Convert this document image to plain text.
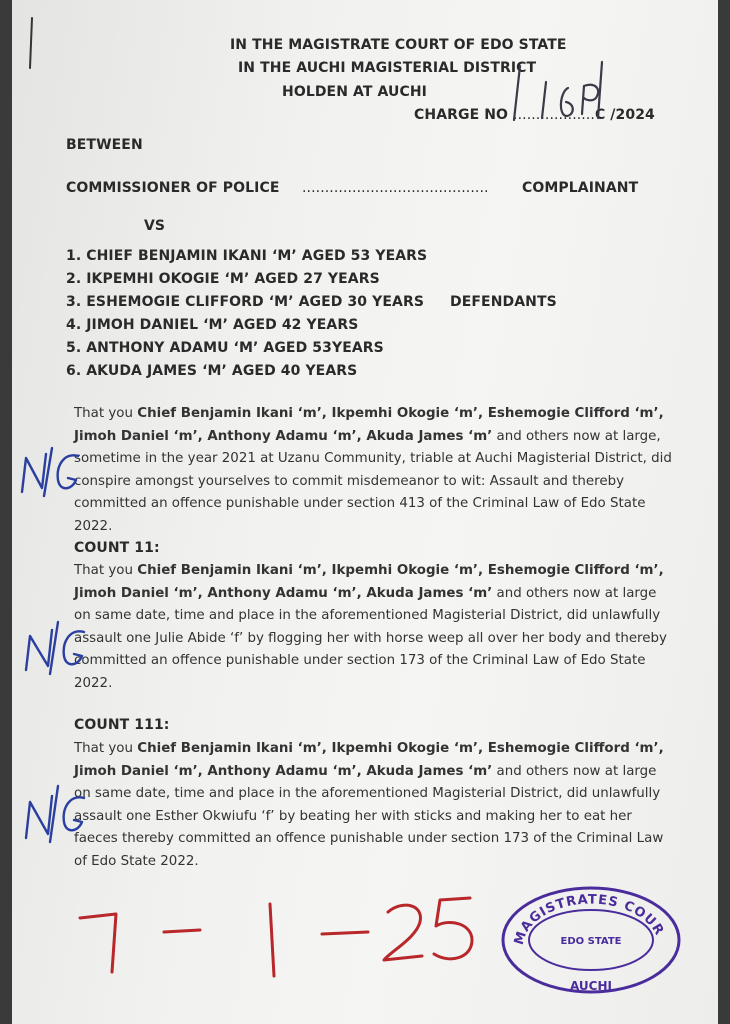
IN THE MAGISTRATE COURT OF EDO STATE
IN THE AUCHI MAGISTERIAL DISTRICT
HOLDEN AT AUCHI
CHARGE NO ..................C /2024
BETWEEN
COMMISSIONER OF POLICE ......................................... COMPLAINANT
VS
1. CHIEF BENJAMIN IKANI ‘M’ AGED 53 YEARS
2. IKPEMHI OKOGIE ‘M’ AGED 27 YEARS
3. ESHEMOGIE CLIFFORD ‘M’ AGED 30 YEARS DEFENDANTS
4. JIMOH DANIEL ‘M’ AGED 42 YEARS
5. ANTHONY ADAMU ‘M’ AGED 53YEARS
6. AKUDA JAMES ‘M’ AGED 40 YEARS

That you Chief Benjamin Ikani ‘m’, Ikpemhi Okogie ‘m’, Eshemogie Clifford ‘m’, Jimoh Daniel ‘m’, Anthony Adamu ‘m’, Akuda James ‘m’ and others now at large, sometime in the year 2021 at Uzanu Community, triable at Auchi Magisterial District, did conspire amongst yourselves to commit misdemeanor to wit: Assault and thereby committed an offence punishable under section 413 of the Criminal Law of Edo State 2022.

COUNT 11:

That you Chief Benjamin Ikani ‘m’, Ikpemhi Okogie ‘m’, Eshemogie Clifford ‘m’, Jimoh Daniel ‘m’, Anthony Adamu ‘m’, Akuda James ‘m’ and others now at large on same date, time and place in the aforementioned Magisterial District, did unlawfully assault one Julie Abide ‘f’ by flogging her with horse weep all over her body and thereby committed an offence punishable under section 173 of the Criminal Law of Edo State 2022.

COUNT 111:

That you Chief Benjamin Ikani ‘m’, Ikpemhi Okogie ‘m’, Eshemogie Clifford ‘m’, Jimoh Daniel ‘m’, Anthony Adamu ‘m’, Akuda James ‘m’ and others now at large on same date, time and place in the aforementioned Magisterial District, did unlawfully assault one Esther Okwiufu ‘f’ by beating her with sticks and making her to eat her faeces thereby committed an offence punishable under section 173 of the Criminal Law of Edo State 2022.

MAGISTRATES COUR
EDO STATE
AUCHI
